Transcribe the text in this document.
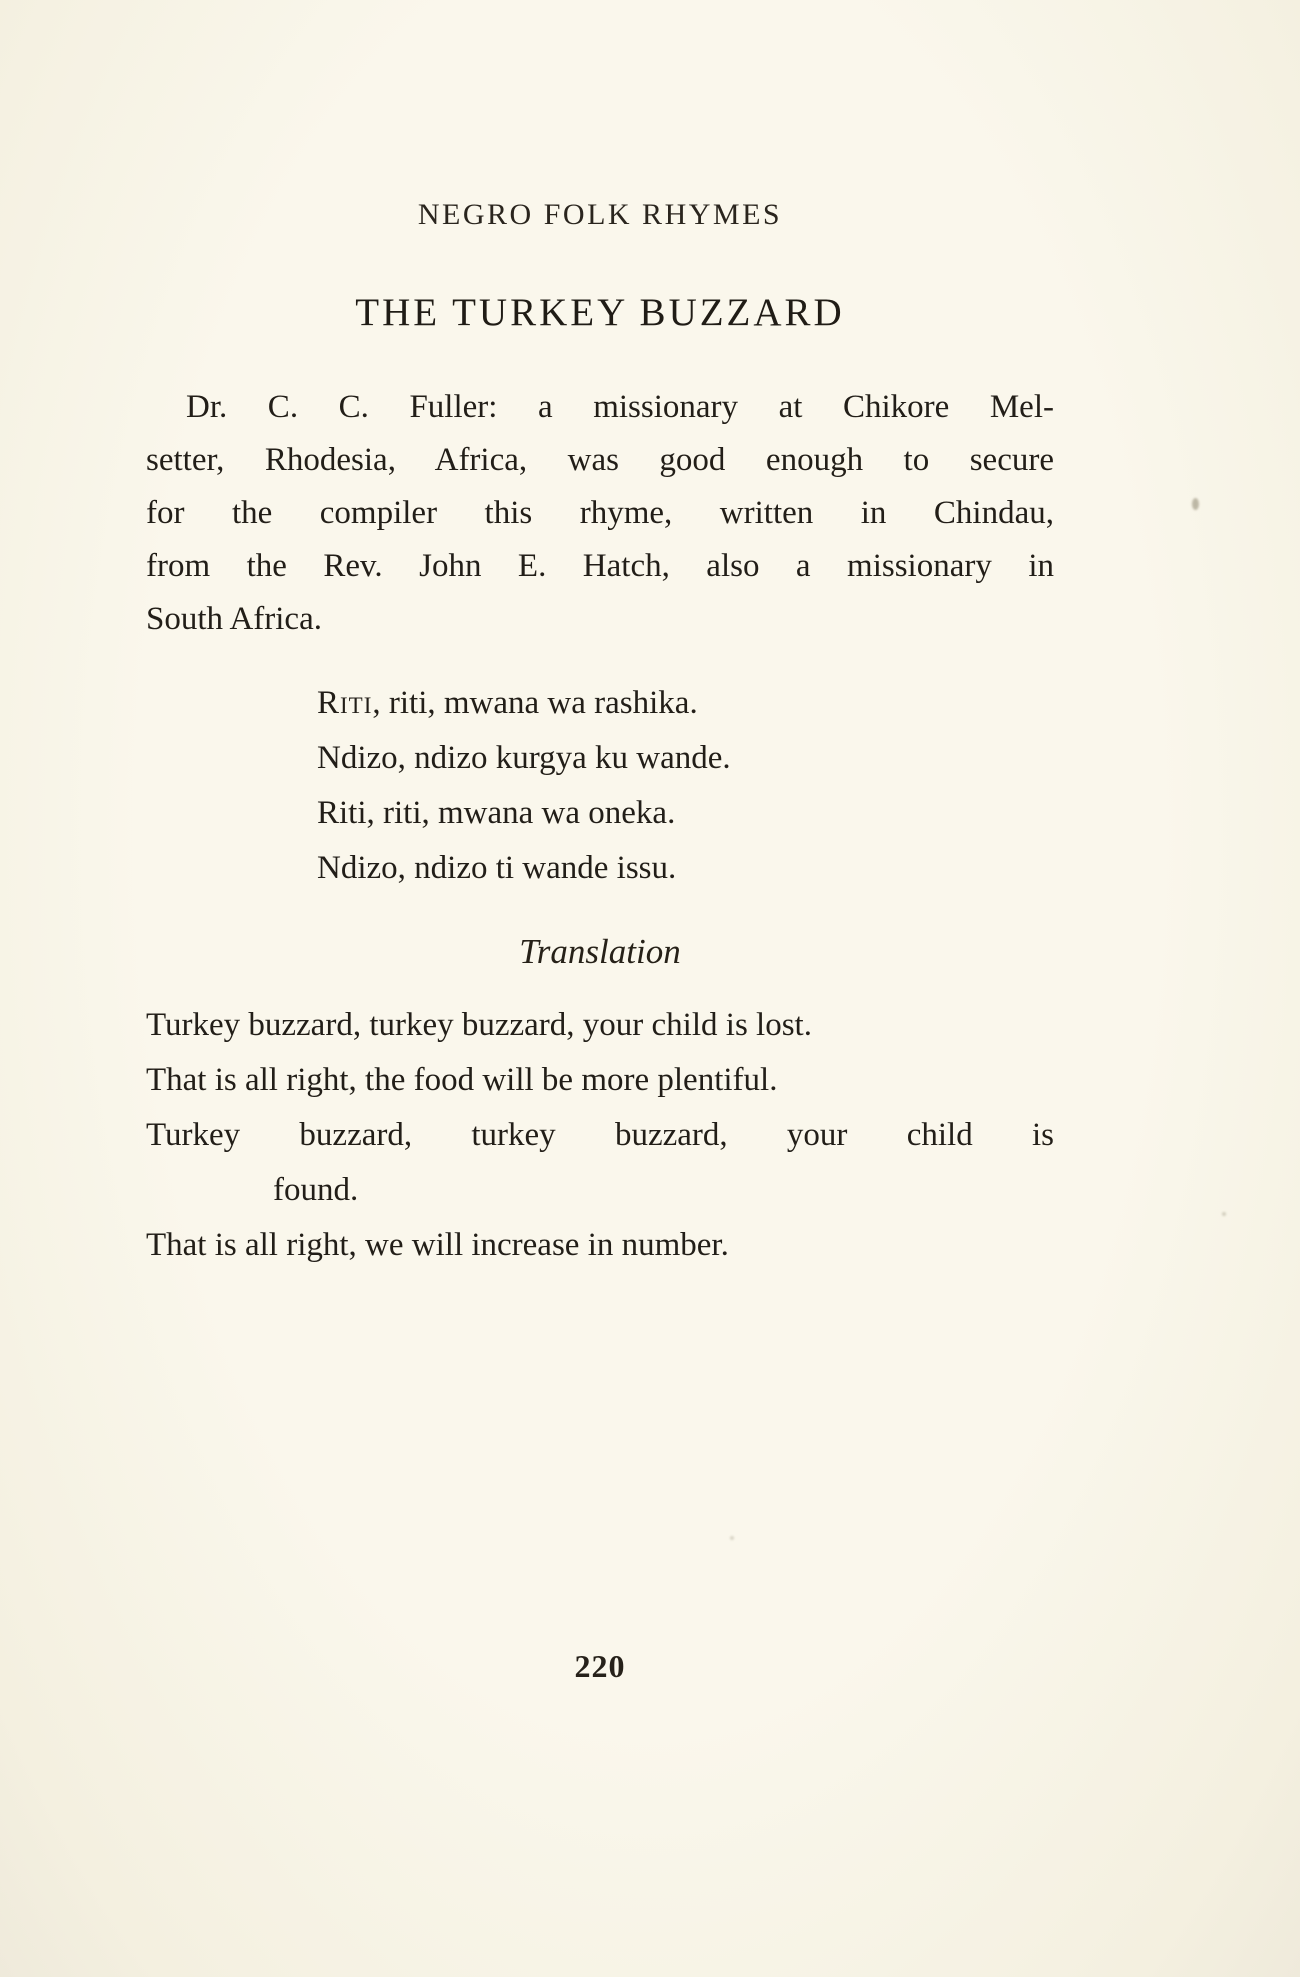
NEGRO FOLK RHYMES
THE TURKEY BUZZARD
Dr. C. C. Fuller: a missionary at Chikore Mel-
setter, Rhodesia, Africa, was good enough to secure
for the compiler this rhyme, written in Chindau,
from the Rev. John E. Hatch, also a missionary in
South Africa.
Riti, riti, mwana wa rashika.
Ndizo, ndizo kurgya ku wande.
Riti, riti, mwana wa oneka.
Ndizo, ndizo ti wande issu.
Translation
Turkey buzzard, turkey buzzard, your child is lost.
That is all right, the food will be more plentiful.
Turkey buzzard, turkey buzzard, your child is
found.
That is all right, we will increase in number.
220
